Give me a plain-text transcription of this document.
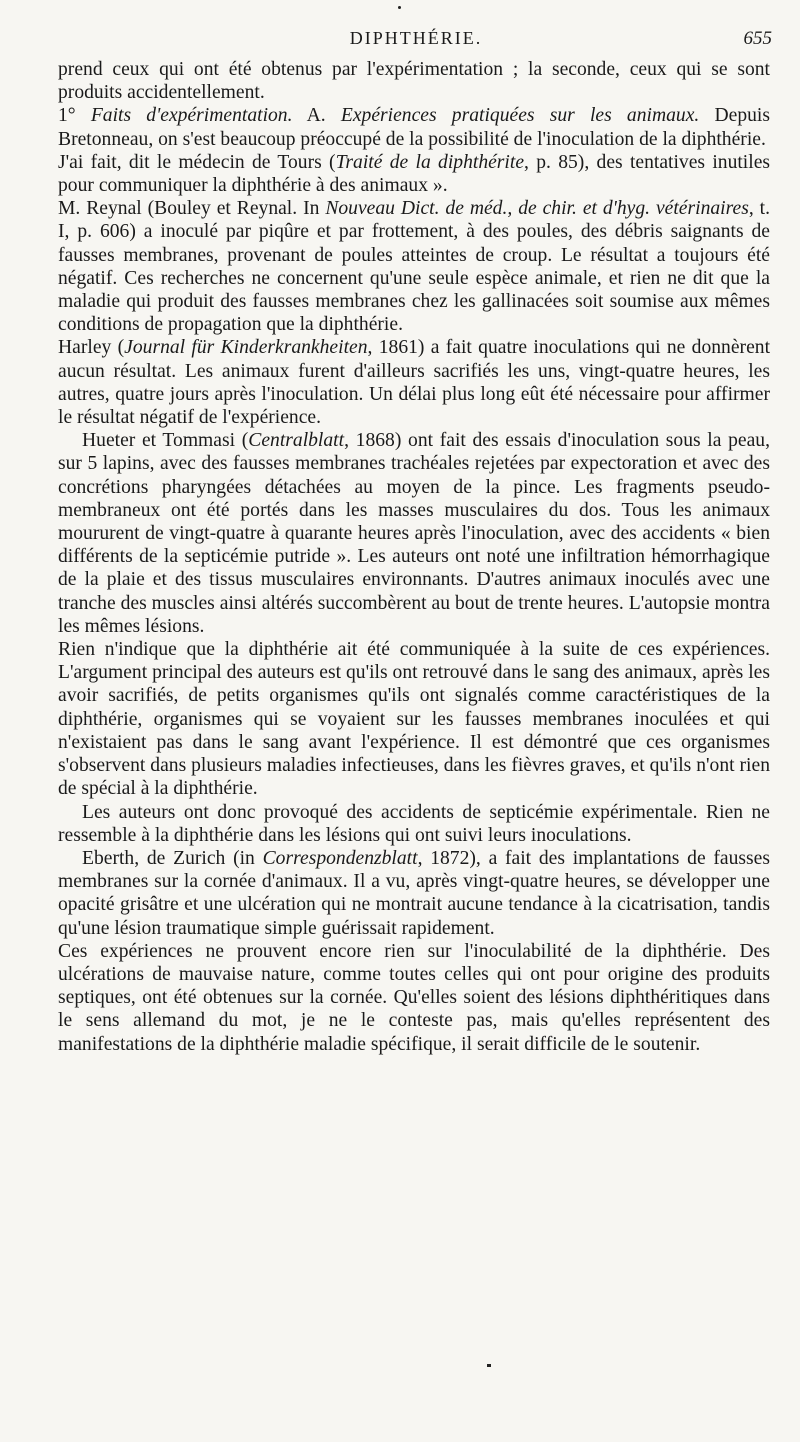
DIPHTHÉRIE.	655

prend ceux qui ont été obtenus par l'expérimentation ; la seconde, ceux qui se sont produits accidentellement.

1° Faits d'expérimentation. A. Expériences pratiquées sur les animaux. Depuis Bretonneau, on s'est beaucoup préoccupé de la possibilité de l'inoculation de la diphthérie.

J'ai fait, dit le médecin de Tours (Traité de la diphthérite, p. 85), des tentatives inutiles pour communiquer la diphthérie à des animaux ».

M. Reynal (Bouley et Reynal. In Nouveau Dict. de méd., de chir. et d'hyg. vétérinaires, t. I, p. 606) a inoculé par piqûre et par frottement, à des poules, des débris saignants de fausses membranes, provenant de poules atteintes de croup. Le résultat a toujours été négatif. Ces recherches ne concernent qu'une seule espèce animale, et rien ne dit que la maladie qui produit des fausses membranes chez les gallinacées soit soumise aux mêmes conditions de propagation que la diphthérie.

Harley (Journal für Kinderkrankheiten, 1861) a fait quatre inoculations qui ne donnèrent aucun résultat. Les animaux furent d'ailleurs sacrifiés les uns, vingt-quatre heures, les autres, quatre jours après l'inoculation. Un délai plus long eût été nécessaire pour affirmer le résultat négatif de l'expérience.

Hueter et Tommasi (Centralblatt, 1868) ont fait des essais d'inoculation sous la peau, sur 5 lapins, avec des fausses membranes trachéales rejetées par expectoration et avec des concrétions pharyngées détachées au moyen de la pince. Les fragments pseudo-membraneux ont été portés dans les masses musculaires du dos. Tous les animaux moururent de vingt-quatre à quarante heures après l'inoculation, avec des accidents « bien différents de la septicémie putride ». Les auteurs ont noté une infiltration hémorrhagique de la plaie et des tissus musculaires environnants. D'autres animaux inoculés avec une tranche des muscles ainsi altérés succombèrent au bout de trente heures. L'autopsie montra les mêmes lésions.

Rien n'indique que la diphthérie ait été communiquée à la suite de ces expériences. L'argument principal des auteurs est qu'ils ont retrouvé dans le sang des animaux, après les avoir sacrifiés, de petits organismes qu'ils ont signalés comme caractéristiques de la diphthérie, organismes qui se voyaient sur les fausses membranes inoculées et qui n'existaient pas dans le sang avant l'expérience. Il est démontré que ces organismes s'observent dans plusieurs maladies infectieuses, dans les fièvres graves, et qu'ils n'ont rien de spécial à la diphthérie.

Les auteurs ont donc provoqué des accidents de septicémie expérimentale. Rien ne ressemble à la diphthérie dans les lésions qui ont suivi leurs inoculations.

Eberth, de Zurich (in Correspondenzblatt, 1872), a fait des implantations de fausses membranes sur la cornée d'animaux. Il a vu, après vingt-quatre heures, se développer une opacité grisâtre et une ulcération qui ne montrait aucune tendance à la cicatrisation, tandis qu'une lésion traumatique simple guérissait rapidement.

Ces expériences ne prouvent encore rien sur l'inoculabilité de la diphthérie. Des ulcérations de mauvaise nature, comme toutes celles qui ont pour origine des produits septiques, ont été obtenues sur la cornée. Qu'elles soient des lésions diphthéritiques dans le sens allemand du mot, je ne le conteste pas, mais qu'elles représentent des manifestations de la diphthérie maladie spécifique, il serait difficile de le soutenir.
